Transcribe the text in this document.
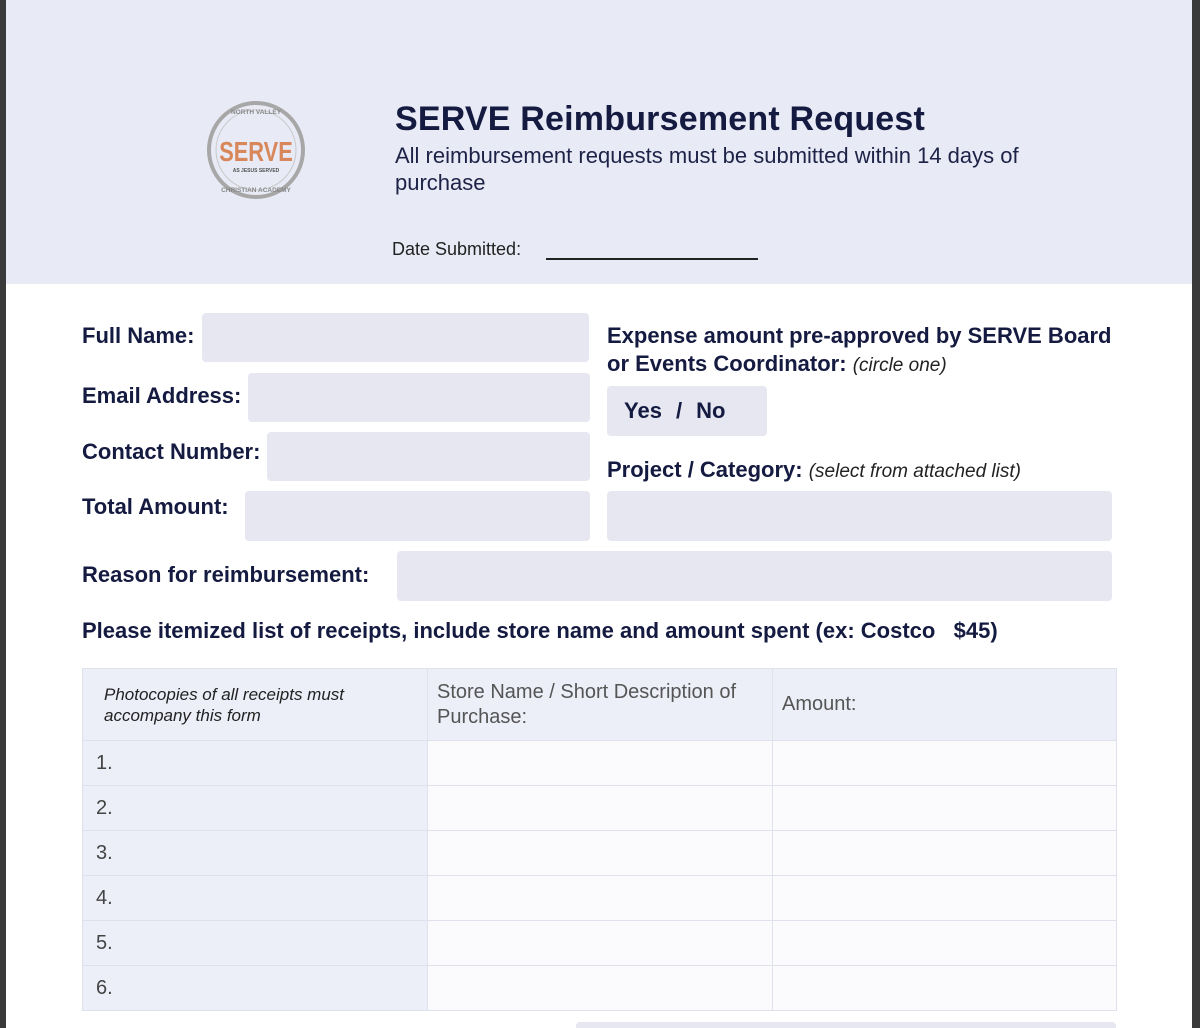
NORTH VALLEY
CHRISTIAN ACADEMY
SERVE
AS JESUS SERVED
SERVE Reimbursement Request
All reimbursement requests must be submitted within 14 days of purchase
Date Submitted:
Full Name:
Email Address:
Contact Number:
Total Amount:
Expense amount pre-approved by SERVE Board
or Events Coordinator: (circle one)
Yes / No
Project / Category: (select from attached list)
Reason for reimbursement:
Please itemized list of receipts, include store name and amount spent (ex: Costco   $45)
Photocopies of all receipts must accompany this form	Store Name / Short Description of Purchase:	Amount:

1.		
2.		
3.		
4.		
5.		
6.		
